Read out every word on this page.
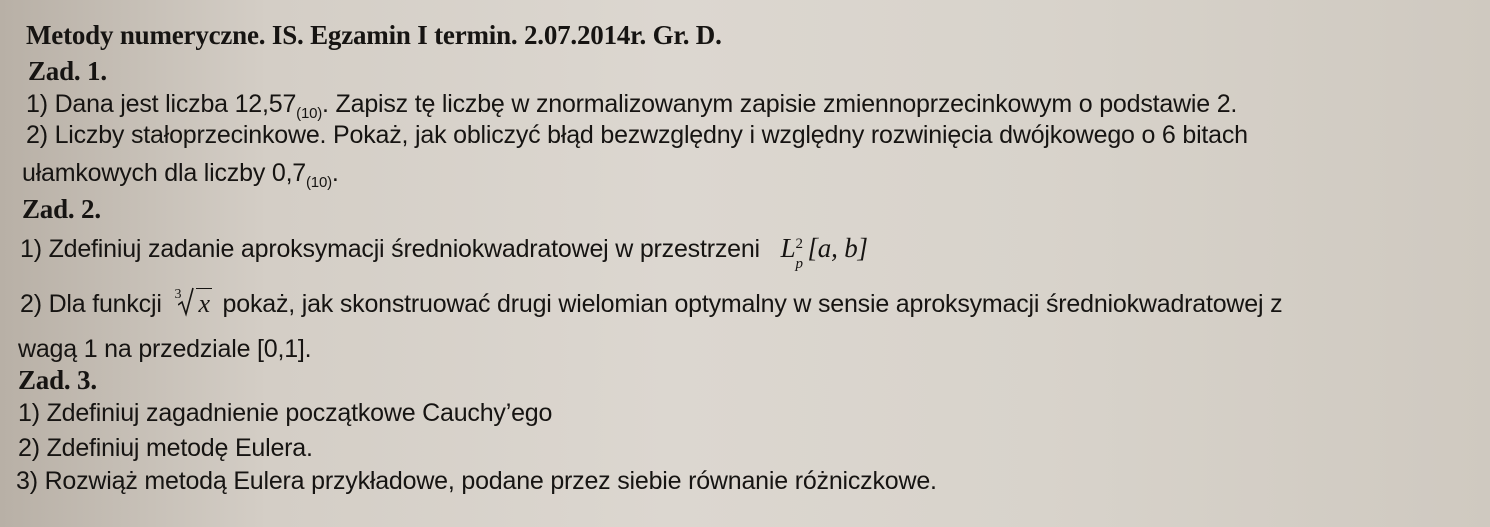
Metody numeryczne. IS. Egzamin I termin. 2.07.2014r. Gr. D.
Zad. 1.
1) Dana jest liczba $12,57_{(10)}$. Zapisz tę liczbę w znormalizowanym zapisie zmiennoprzecinkowym o podstawie 2.
2) Liczby stałoprzecinkowe. Pokaż, jak obliczyć błąd bezwzględny i względny rozwinięcia dwójkowego o 6 bitach
ułamkowych dla liczby $0,7_{(10)}$.
Zad. 2.
1) Zdefiniuj zadanie aproksymacji średniokwadratowej w przestrzeni L 2
p
[a, b]
2) Dla funkcji 3 x pokaż, jak skonstruować drugi wielomian optymalny w sensie aproksymacji średniokwadratowej z
wagą 1 na przedziale [0,1].
Zad. 3.
1) Zdefiniuj zagadnienie początkowe Cauchy’ego
2) Zdefiniuj metodę Eulera.
3) Rozwiąż metodą Eulera przykładowe, podane przez siebie równanie różniczkowe.
